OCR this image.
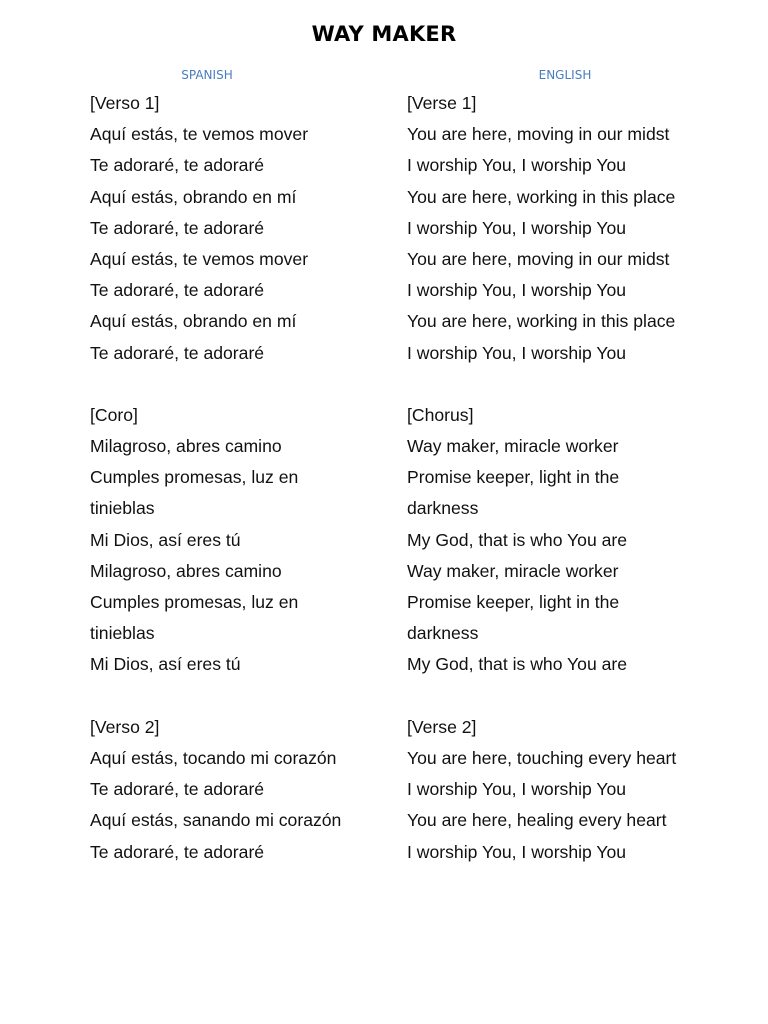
WAY MAKER
SPANISH	ENGLISH
[Verso 1]
Aquí estás, te vemos mover
Te adoraré, te adoraré
Aquí estás, obrando en mí
Te adoraré, te adoraré
Aquí estás, te vemos mover
Te adoraré, te adoraré
Aquí estás, obrando en mí
Te adoraré, te adoraré
[Coro]
Milagroso, abres camino
Cumples promesas, luz en
tinieblas
Mi Dios, así eres tú
Milagroso, abres camino
Cumples promesas, luz en
tinieblas
Mi Dios, así eres tú
[Verso 2]
Aquí estás, tocando mi corazón
Te adoraré, te adoraré
Aquí estás, sanando mi corazón
Te adoraré, te adoraré
[Verse 1]
You are here, moving in our midst
I worship You, I worship You
You are here, working in this place
I worship You, I worship You
You are here, moving in our midst
I worship You, I worship You
You are here, working in this place
I worship You, I worship You
[Chorus]
Way maker, miracle worker
Promise keeper, light in the
darkness
My God, that is who You are
Way maker, miracle worker
Promise keeper, light in the
darkness
My God, that is who You are
[Verse 2]
You are here, touching every heart
I worship You, I worship You
You are here, healing every heart
I worship You, I worship You
